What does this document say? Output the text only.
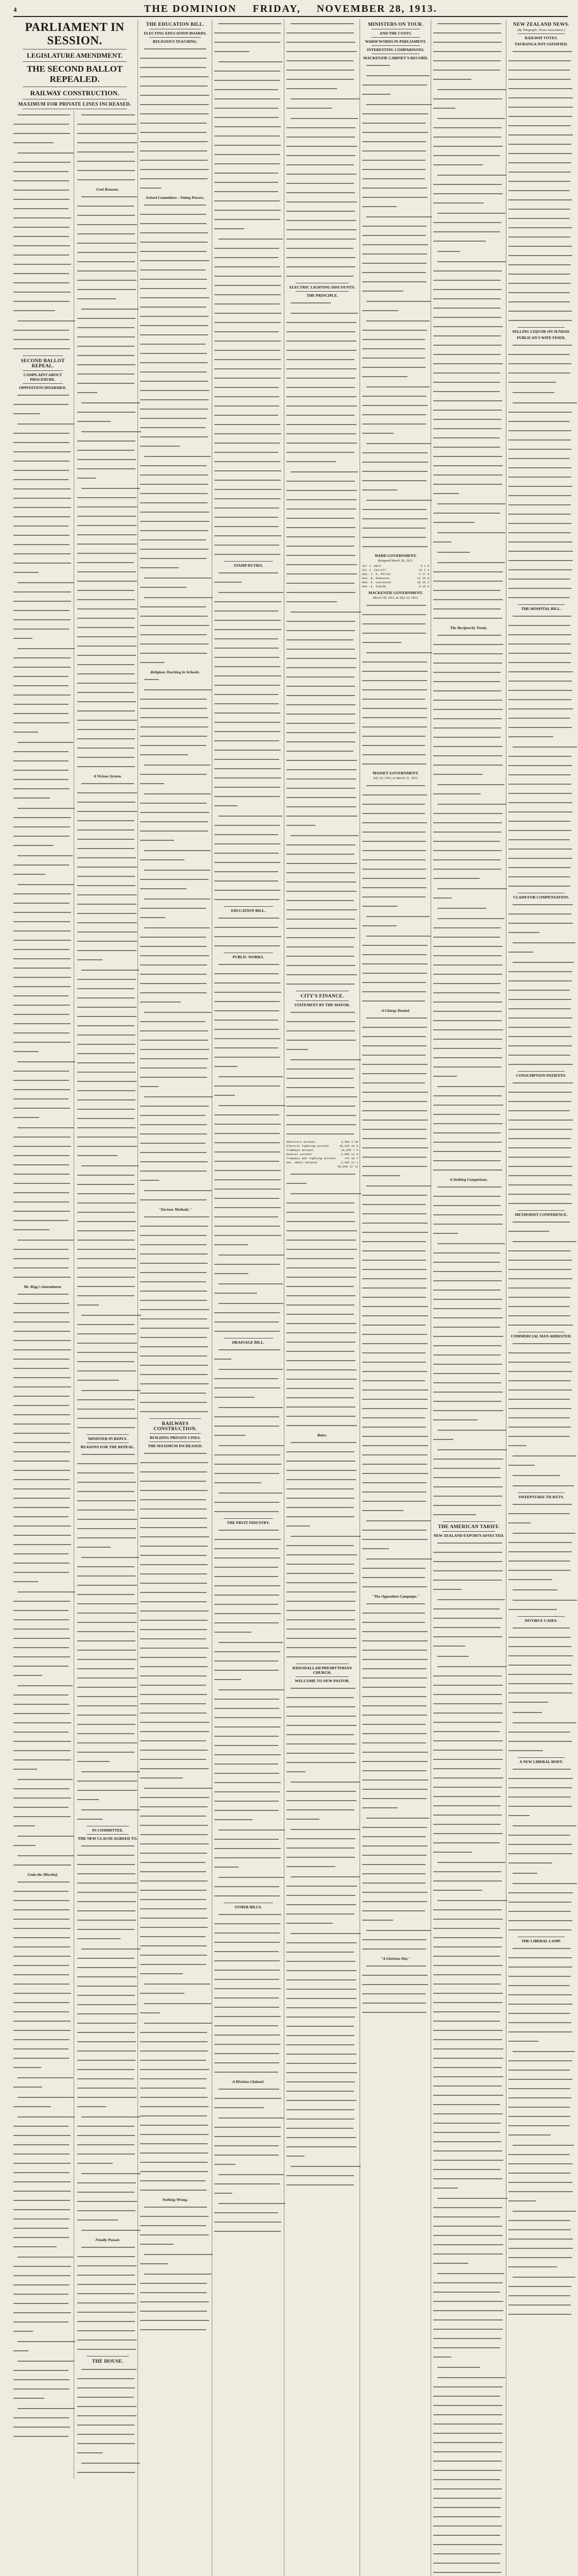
4	THE DOMINION FRIDAY, NOVEMBER 28, 1913.
PARLIAMENT IN SESSION.
LEGISLATURE AMENDMENT.
THE SECOND BALLOT REPEALED.
RAILWAY CONSTRUCTION.
MAXIMUM FOR PRIVATE LINES INCREASED.

SECOND BALLOT REPEAL.
COMPLAINT ABOUT PROCEDURE.
OPPOSITION DISARMED.

Mr. Rigg's Amendment.

Undo the Mischief.

Cool Reasons.

A Vicious System.

MINISTER IN REPLY.
REASONS FOR THE REPEAL.

IN COMMITTEE.
THE NEW CLAUSE AGREED TO.

Finally Passed.

THE HOUSE.

THE EDUCATION BILL.
ELECTING EDUCATION BOARDS.
RELIGIOUS TEACHING.

School Committees—Voting Powers.

Religious Teaching in Schools.

"Devious Methods."

RAILWAYS CONSTRUCTION.
BUILDING PRIVATE LINES.
THE MAXIMUM INCREASED.

Nothing Wrong.

STAMP DUTIES.

EDUCATION BILL.

PUBLIC WORKS.

DRAINAGE BILL.

THE FRUIT INDUSTRY.

OTHER BILLS.

A Division Claimed.

ELECTRIC LIGHTING DISCOUNTS.
THE PRINCIPLE.

CITY'S FINANCE.
STATEMENT BY THE MAYOR.

Abattoirs account	3,550 3 10
Electric lighting account	26,345 10 5
Tramways account	10,655 7 4
General account	2,836 11 4
Tramways and lighting account	747 16 7
Sec. debit balance	2,463 11 1
59,690 12 11

Rates.

KHANDALLAH PRESBYTERIAN CHURCH.
WELCOME TO NEW PASTOR.

MINISTERS ON TOUR.
AND THE COSTS.
WARM WORDS IN PARLIAMENT.
INTERESTING COMPARISONS.
MACKENZIE CABINET'S RECORD.

WARD GOVERNMENT.
Resigned March 28, 1912.
Sir J. Ward	9 1 8
Sir J. Carroll	21 2 4
Hon. J. A. Millar	5 17 9
Hon. R. McKenzie	11 15 0
Hon. G. Laurenson	19 15 2
Hon. G. Fowlds	9 15 8
MACKENZIE GOVERNMENT.
March 28, 1912, to July 10, 1912.

MASSEY GOVERNMENT.
July 10, 1912, to March 31, 1913.

A Charge Denied.

"The Opposition Campaign."

"A Glorious Day."

The Reciprocity Treaty.

A Striking Comparison.

THE AMERICAN TARIFF.
NEW ZEALAND EXPORTS AFFECTED.

NEW ZEALAND NEWS.
(By Telegraph—Press Association.)
RAILWAY VOTES.
TAURANGA NOT SATISFIED.

SELLING LIQUOR ON SUNDAY.
PUBLICAN'S WIFE FINED.

THE HOSPITAL BILL.

CLAIM FOR COMPENSATION.

CONSUMPTION PATIENTS.

METHODIST CONFERENCE.

COMMERCIAL MAN ARRESTED.

SWEEPSTAKE TICKETS.

DIVORCE CASES.

A NEW LIBERAL BODY.

THE LIBERAL CAMP.
